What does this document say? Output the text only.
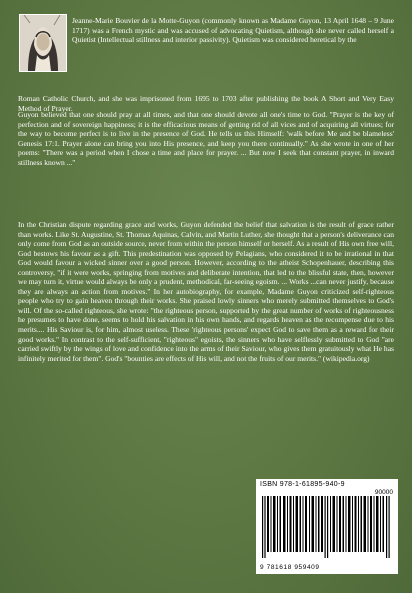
Jeanne-Marie Bouvier de la Motte-Guyon (commonly known as Madame Guyon, 13 April 1648 – 9 June 1717) was a French mystic and was accused of advocating Quietism, although she never called herself a Quietist (Intellectual stillness and interior passivity). Quietism was considered heretical by the
Roman Catholic Church, and she was imprisoned from 1695 to 1703 after publishing the book A Short and Very Easy Method of Prayer.
Guyon believed that one should pray at all times, and that one should devote all one's time to God. "Prayer is the key of perfection and of sovereign happiness; it is the efficacious means of getting rid of all vices and of acquiring all virtues; for the way to become perfect is to live in the presence of God. He tells us this Himself: 'walk before Me and be blameless' Genesis 17:1. Prayer alone can bring you into His presence, and keep you there continually." As she wrote in one of her poems: "There was a period when I chose a time and place for prayer. ... But now I seek that constant prayer, in inward stillness known ..."
In the Christian dispute regarding grace and works, Guyon defended the belief that salvation is the result of grace rather than works. Like St. Augustine, St. Thomas Aquinas, Calvin, and Martin Luther, she thought that a person's deliverance can only come from God as an outside source, never from within the person himself or herself. As a result of His own free will, God bestows his favour as a gift. This predestination was opposed by Pelagians, who considered it to be irrational in that God would favour a wicked sinner over a good person. However, according to the atheist Schopenhauer, describing this controversy, "if it were works, springing from motives and deliberate intention, that led to the blissful state, then, however we may turn it, virtue would always be only a prudent, methodical, far-seeing egoism. ... Works ...can never justify, because they are always an action from motives." In her autobiography, for example, Madame Guyon criticized self-righteous people who try to gain heaven through their works. She praised lowly sinners who merely submitted themselves to God's will. Of the so-called righteous, she wrote: "the righteous person, supported by the great number of works of righteousness he presumes to have done, seems to hold his salvation in his own hands, and regards heaven as the recompense due to his merits.... His Saviour is, for him, almost useless. These 'righteous persons' expect God to save them as a reward for their good works." In contrast to the self-sufficient, "righteous" egoists, the sinners who have selflessly submitted to God "are carried swiftly by the wings of love and confidence into the arms of their Saviour, who gives them gratuitously what He has infinitely merited for them". God's "bounties are effects of His will, and not the fruits of our merits." (wikipedia.org)
ISBN 978-1-61895-940-9
90000
9 781618 959409
